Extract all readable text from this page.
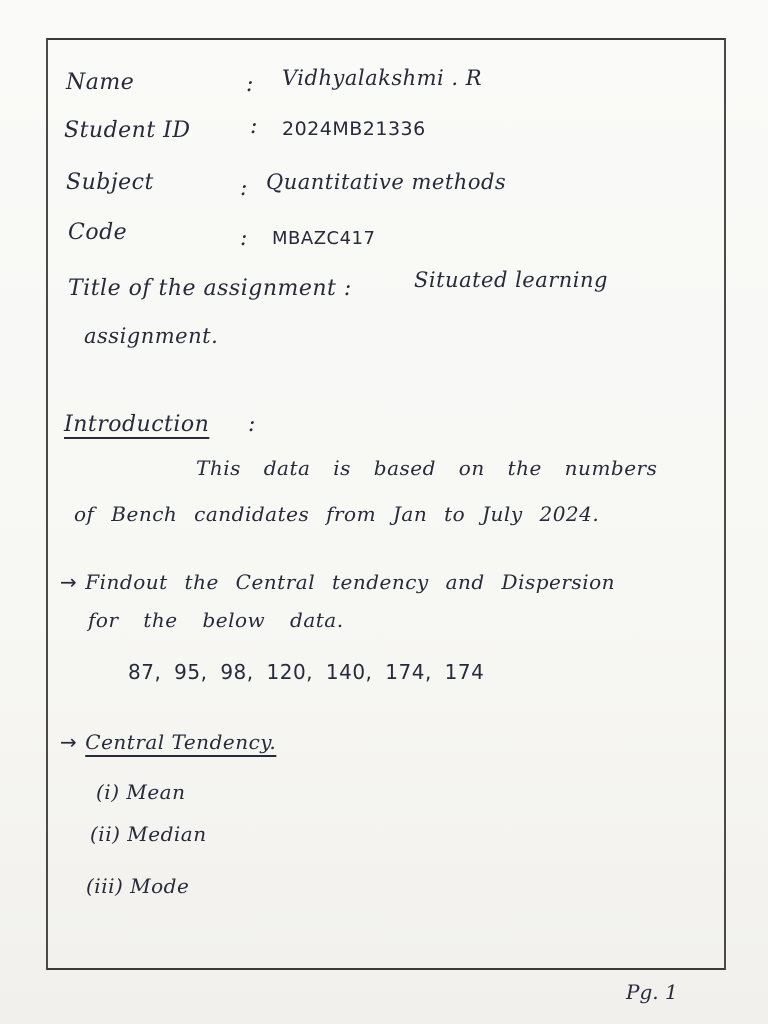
Name	: Vidhyalakshmi . R
Student ID	: 2024MB21336
Subject	: Quantitative methods
Code	: MBAZC417
Title of the assignment :	Situated learning
assignment.
Introduction :
This data is based on the numbers
of Bench candidates from Jan to July 2024.
→ Findout the Central tendency and Dispersion
for the below data.
87, 95, 98, 120, 140, 174, 174
→ Central Tendency.
(i) Mean
(ii) Median
(iii) Mode
Pg. 1
